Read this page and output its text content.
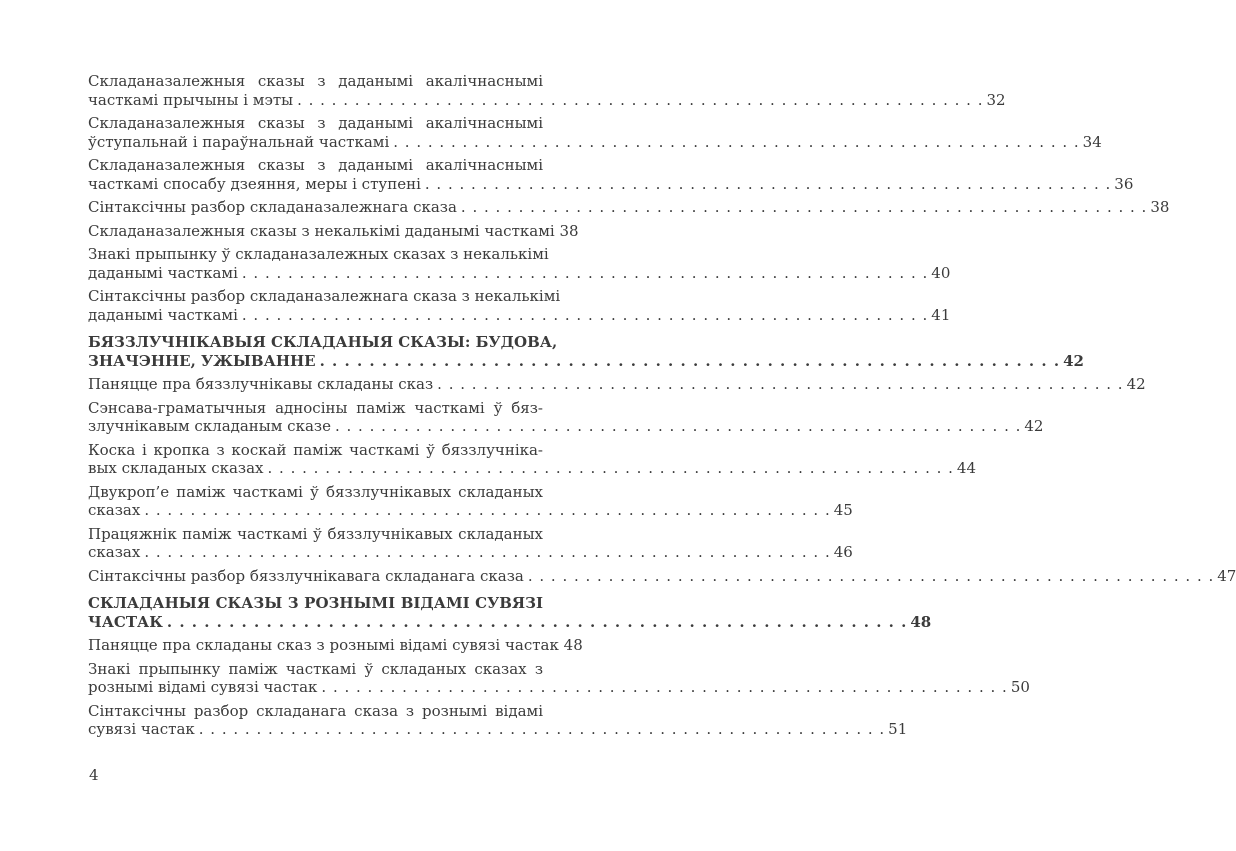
Складаназалежныя сказы з даданымі акалічнаснымі
часткамі прычыны і мэты . . . . . . . . . . . . . . . . . . . . . . . . . . . . . . . . . . . . . . . . . . . . . . . . . . . . . . . . . . . . 32
Складаназалежныя сказы з даданымі акалічнаснымі
ўступальнай і параўнальнай часткамі . . . . . . . . . . . . . . . . . . . . . . . . . . . . . . . . . . . . . . . . . . . . . . . . . . . . . . . . . . . . 34
Складаназалежныя сказы з даданымі акалічнаснымі
часткамі спосабу дзеяння, меры і ступені . . . . . . . . . . . . . . . . . . . . . . . . . . . . . . . . . . . . . . . . . . . . . . . . . . . . . . . . . . . . 36
Сінтаксічны разбор складаназалежнага сказа . . . . . . . . . . . . . . . . . . . . . . . . . . . . . . . . . . . . . . . . . . . . . . . . . . . . . . . . . . . . 38
Складаназалежныя сказы з некалькімі даданымі часткамі 38
Знакі прыпынку ў складаназалежных сказах з некалькімі
даданымі часткамі . . . . . . . . . . . . . . . . . . . . . . . . . . . . . . . . . . . . . . . . . . . . . . . . . . . . . . . . . . . . 40
Сінтаксічны разбор складаназалежнага сказа з некалькімі
даданымі часткамі . . . . . . . . . . . . . . . . . . . . . . . . . . . . . . . . . . . . . . . . . . . . . . . . . . . . . . . . . . . . 41
БЯЗЗЛУЧНІКАВЫЯ СКЛАДАНЫЯ СКАЗЫ: БУДОВА,
ЗНАЧЭННЕ, УЖЫВАННЕ . . . . . . . . . . . . . . . . . . . . . . . . . . . . . . . . . . . . . . . . . . . . . . . . . . . . . . . . . . . . 42
Паняцце пра бяззлучнікавы складаны сказ . . . . . . . . . . . . . . . . . . . . . . . . . . . . . . . . . . . . . . . . . . . . . . . . . . . . . . . . . . . . 42
Сэнсава-граматычныя адносіны паміж часткамі ў бяз-
злучнікавым складаным сказе . . . . . . . . . . . . . . . . . . . . . . . . . . . . . . . . . . . . . . . . . . . . . . . . . . . . . . . . . . . . 42
Коска і кропка з коскай паміж часткамі ў бяззлучніка-
вых складаных сказах . . . . . . . . . . . . . . . . . . . . . . . . . . . . . . . . . . . . . . . . . . . . . . . . . . . . . . . . . . . . 44
Двукроп’е паміж часткамі ў бяззлучнікавых складаных
сказах . . . . . . . . . . . . . . . . . . . . . . . . . . . . . . . . . . . . . . . . . . . . . . . . . . . . . . . . . . . . 45
Працяжнік паміж часткамі ў бяззлучнікавых складаных
сказах . . . . . . . . . . . . . . . . . . . . . . . . . . . . . . . . . . . . . . . . . . . . . . . . . . . . . . . . . . . . 46
Сінтаксічны разбор бяззлучнікавага складанага сказа . . . . . . . . . . . . . . . . . . . . . . . . . . . . . . . . . . . . . . . . . . . . . . . . . . . . . . . . . . . . 47
СКЛАДАНЫЯ СКАЗЫ З РОЗНЫМІ ВІДАМІ СУВЯЗІ
ЧАСТАК . . . . . . . . . . . . . . . . . . . . . . . . . . . . . . . . . . . . . . . . . . . . . . . . . . . . . . . . . . . . 48
Паняцце пра складаны сказ з рознымі відамі сувязі частак 48
Знакі прыпынку паміж часткамі ў складаных сказах з
рознымі відамі сувязі частак . . . . . . . . . . . . . . . . . . . . . . . . . . . . . . . . . . . . . . . . . . . . . . . . . . . . . . . . . . . . 50
Сінтаксічны разбор складанага сказа з рознымі відамі
сувязі частак . . . . . . . . . . . . . . . . . . . . . . . . . . . . . . . . . . . . . . . . . . . . . . . . . . . . . . . . . . . . 51
4
